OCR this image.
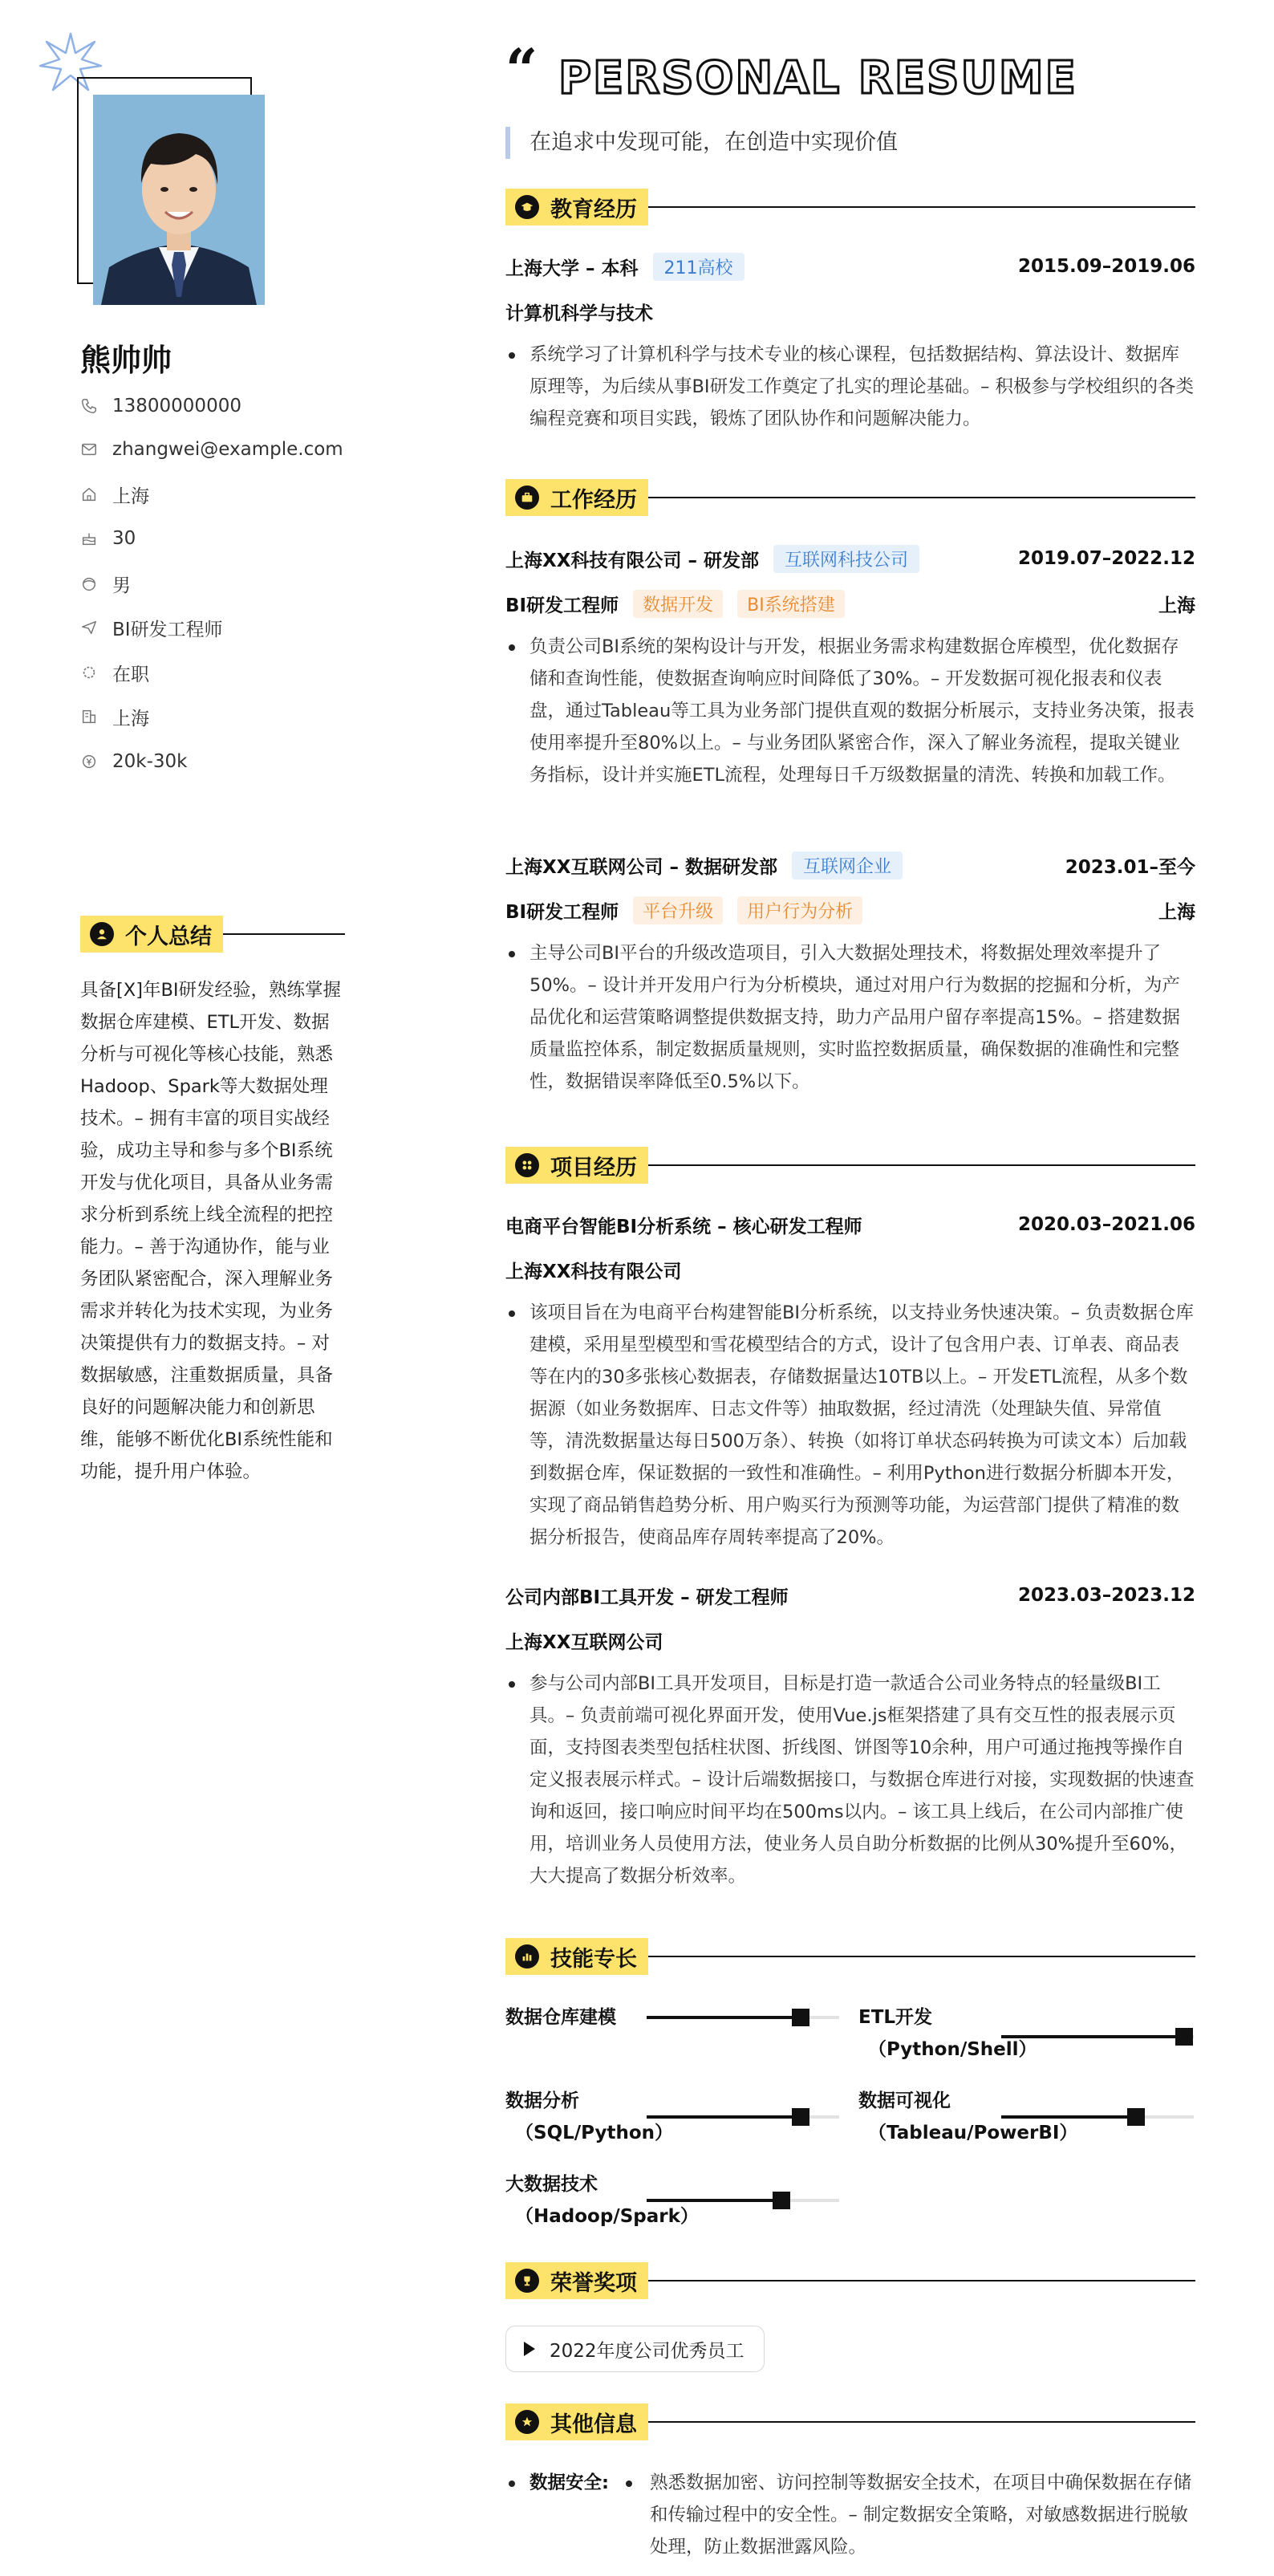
熊帅帅
13800000000
zhangwei@example.com
上海
30
男
BI研发工程师
在职
上海
20k-30k
个人总结
具备[X]年BI研发经验，熟练掌握数据仓库建模、ETL开发、数据分析与可视化等核心技能，熟悉Hadoop、Spark等大数据处理技术。– 拥有丰富的项目实战经验，成功主导和参与多个BI系统开发与优化项目，具备从业务需求分析到系统上线全流程的把控能力。– 善于沟通协作，能与业务团队紧密配合，深入理解业务需求并转化为技术实现，为业务决策提供有力的数据支持。– 对数据敏感，注重数据质量，具备良好的问题解决能力和创新思维，能够不断优化BI系统性能和功能，提升用户体验。
“ PERSONAL RESUME
在追求中发现可能，在创造中实现价值
教育经历
上海大学 – 本科	211高校	2015.09–2019.06
计算机科学与技术
系统学习了计算机科学与技术专业的核心课程，包括数据结构、算法设计、数据库原理等，为后续从事BI研发工作奠定了扎实的理论基础。– 积极参与学校组织的各类编程竞赛和项目实践，锻炼了团队协作和问题解决能力。
工作经历
上海XX科技有限公司 – 研发部	互联网科技公司	2019.07–2022.12
BI研发工程师	数据开发	BI系统搭建	上海
负责公司BI系统的架构设计与开发，根据业务需求构建数据仓库模型，优化数据存储和查询性能，使数据查询响应时间降低了30%。– 开发数据可视化报表和仪表盘，通过Tableau等工具为业务部门提供直观的数据分析展示，支持业务决策，报表使用率提升至80%以上。– 与业务团队紧密合作，深入了解业务流程，提取关键业务指标，设计并实施ETL流程，处理每日千万级数据量的清洗、转换和加载工作。
上海XX互联网公司 – 数据研发部	互联网企业	2023.01–至今
BI研发工程师	平台升级	用户行为分析	上海
主导公司BI平台的升级改造项目，引入大数据处理技术，将数据处理效率提升了50%。– 设计并开发用户行为分析模块，通过对用户行为数据的挖掘和分析，为产品优化和运营策略调整提供数据支持，助力产品用户留存率提高15%。– 搭建数据质量监控体系，制定数据质量规则，实时监控数据质量，确保数据的准确性和完整性，数据错误率降低至0.5%以下。
项目经历
电商平台智能BI分析系统 – 核心研发工程师	2020.03–2021.06
上海XX科技有限公司
该项目旨在为电商平台构建智能BI分析系统，以支持业务快速决策。– 负责数据仓库建模，采用星型模型和雪花模型结合的方式，设计了包含用户表、订单表、商品表等在内的30多张核心数据表，存储数据量达10TB以上。– 开发ETL流程，从多个数据源（如业务数据库、日志文件等）抽取数据，经过清洗（处理缺失值、异常值等，清洗数据量达每日500万条）、转换（如将订单状态码转换为可读文本）后加载到数据仓库，保证数据的一致性和准确性。– 利用Python进行数据分析脚本开发，实现了商品销售趋势分析、用户购买行为预测等功能，为运营部门提供了精准的数据分析报告，使商品库存周转率提高了20%。
公司内部BI工具开发 – 研发工程师	2023.03–2023.12
上海XX互联网公司
参与公司内部BI工具开发项目，目标是打造一款适合公司业务特点的轻量级BI工具。– 负责前端可视化界面开发，使用Vue.js框架搭建了具有交互性的报表展示页面，支持图表类型包括柱状图、折线图、饼图等10余种，用户可通过拖拽等操作自定义报表展示样式。– 设计后端数据接口，与数据仓库进行对接，实现数据的快速查询和返回，接口响应时间平均在500ms以内。– 该工具上线后，在公司内部推广使用，培训业务人员使用方法，使业务人员自助分析数据的比例从30%提升至60%，大大提高了数据分析效率。
技能专长
数据仓库建模	ETL开发
（Python/Shell）
数据分析
（SQL/Python）
数据可视化
（Tableau/PowerBI）
大数据技术
（Hadoop/Spark）
荣誉奖项
2022年度公司优秀员工
其他信息
数据安全:	熟悉数据加密、访问控制等数据安全技术，在项目中确保数据在存储和传输过程中的安全性。– 制定数据安全策略，对敏感数据进行脱敏处理，防止数据泄露风险。
